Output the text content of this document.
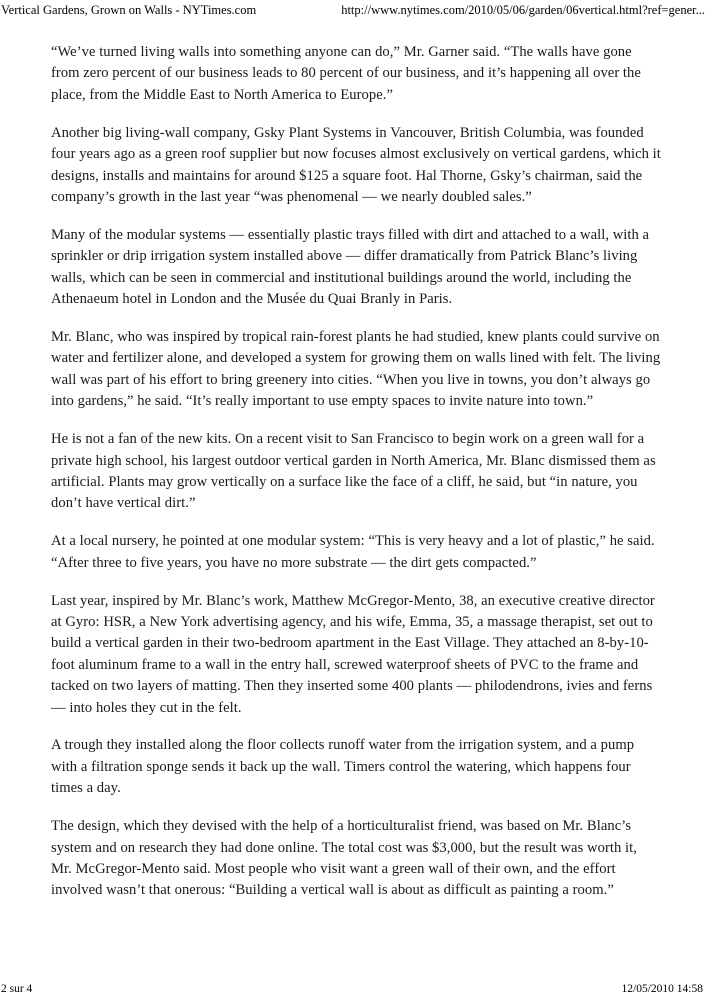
Vertical Gardens, Grown on Walls - NYTimes.com	http://www.nytimes.com/2010/05/06/garden/06vertical.html?ref=gener...

“We’ve turned living walls into something anyone can do,” Mr. Garner said. “The walls have gone from zero percent of our business leads to 80 percent of our business, and it’s happening all over the place, from the Middle East to North America to Europe.”

Another big living-wall company, Gsky Plant Systems in Vancouver, British Columbia, was founded four years ago as a green roof supplier but now focuses almost exclusively on vertical gardens, which it designs, installs and maintains for around $125 a square foot. Hal Thorne, Gsky’s chairman, said the company’s growth in the last year “was phenomenal — we nearly doubled sales.”

Many of the modular systems — essentially plastic trays filled with dirt and attached to a wall, with a sprinkler or drip irrigation system installed above — differ dramatically from Patrick Blanc’s living walls, which can be seen in commercial and institutional buildings around the world, including the Athenaeum hotel in London and the Musée du Quai Branly in Paris.

Mr. Blanc, who was inspired by tropical rain-forest plants he had studied, knew plants could survive on water and fertilizer alone, and developed a system for growing them on walls lined with felt. The living wall was part of his effort to bring greenery into cities. “When you live in towns, you don’t always go into gardens,” he said. “It’s really important to use empty spaces to invite nature into town.”

He is not a fan of the new kits. On a recent visit to San Francisco to begin work on a green wall for a private high school, his largest outdoor vertical garden in North America, Mr. Blanc dismissed them as artificial. Plants may grow vertically on a surface like the face of a cliff, he said, but “in nature, you don’t have vertical dirt.”

At a local nursery, he pointed at one modular system: “This is very heavy and a lot of plastic,” he said. “After three to five years, you have no more substrate — the dirt gets compacted.”

Last year, inspired by Mr. Blanc’s work, Matthew McGregor-Mento, 38, an executive creative director at Gyro: HSR, a New York advertising agency, and his wife, Emma, 35, a massage therapist, set out to build a vertical garden in their two-bedroom apartment in the East Village. They attached an 8-by-10-foot aluminum frame to a wall in the entry hall, screwed waterproof sheets of PVC to the frame and tacked on two layers of matting. Then they inserted some 400 plants — philodendrons, ivies and ferns — into holes they cut in the felt.

A trough they installed along the floor collects runoff water from the irrigation system, and a pump with a filtration sponge sends it back up the wall. Timers control the watering, which happens four times a day.

The design, which they devised with the help of a horticulturalist friend, was based on Mr. Blanc’s system and on research they had done online. The total cost was $3,000, but the result was worth it, Mr. McGregor-Mento said. Most people who visit want a green wall of their own, and the effort involved wasn’t that onerous: “Building a vertical wall is about as difficult as painting a room.”

2 sur 4	12/05/2010 14:58
